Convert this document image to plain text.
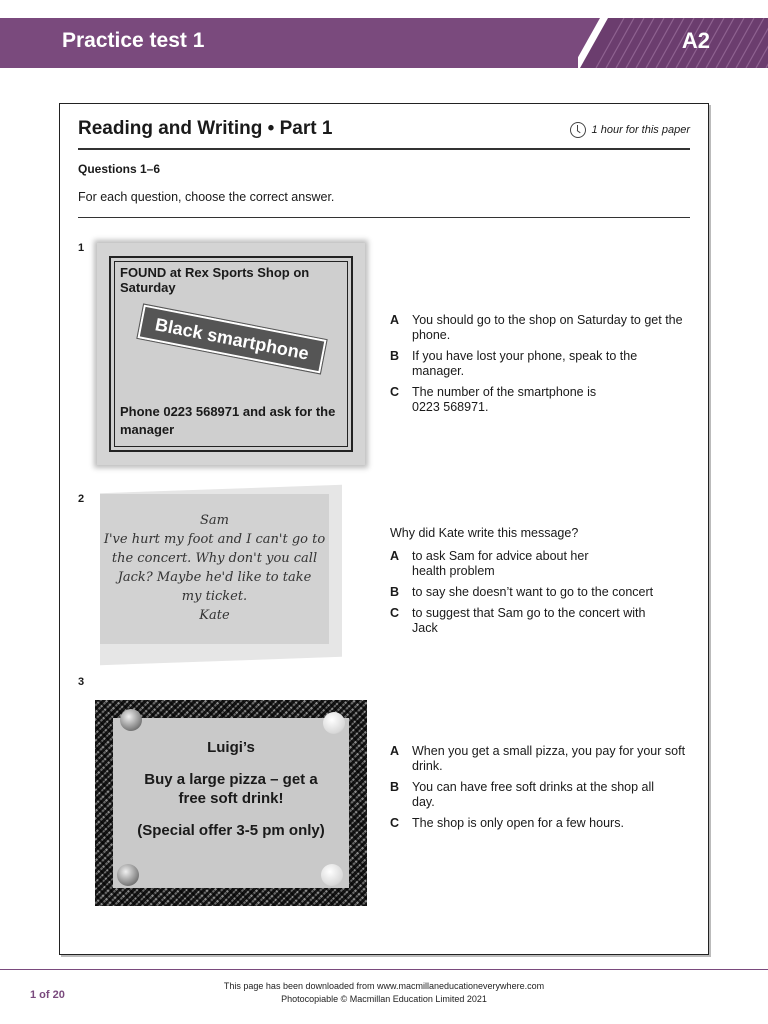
Practice test 1	A2
Reading and Writing • Part 1	1 hour for this paper
Questions 1–6
For each question, choose the correct answer.
1
FOUND at Rex Sports Shop on Saturday
Black smartphone
Phone 0223 568971 and ask for the manager
A You should go to the shop on Saturday to get the phone.
B If you have lost your phone, speak to the manager.
C The number of the smartphone is 0223 568971.
2
Sam
I've hurt my foot and I can't go to
the concert. Why don't you call
Jack? Maybe he'd like to take
my ticket.
Kate
Why did Kate write this message?
A to ask Sam for advice about her health problem
B to say she doesn’t want to go to the concert
C to suggest that Sam go to the concert with Jack
3
Luigi’s
Buy a large pizza – get a free soft drink!
(Special offer 3-5 pm only)
A When you get a small pizza, you pay for your soft drink.
B You can have free soft drinks at the shop all day.
C The shop is only open for a few hours.
1 of 20
This page has been downloaded from www.macmillaneducationeverywhere.com
Photocopiable © Macmillan Education Limited 2021
